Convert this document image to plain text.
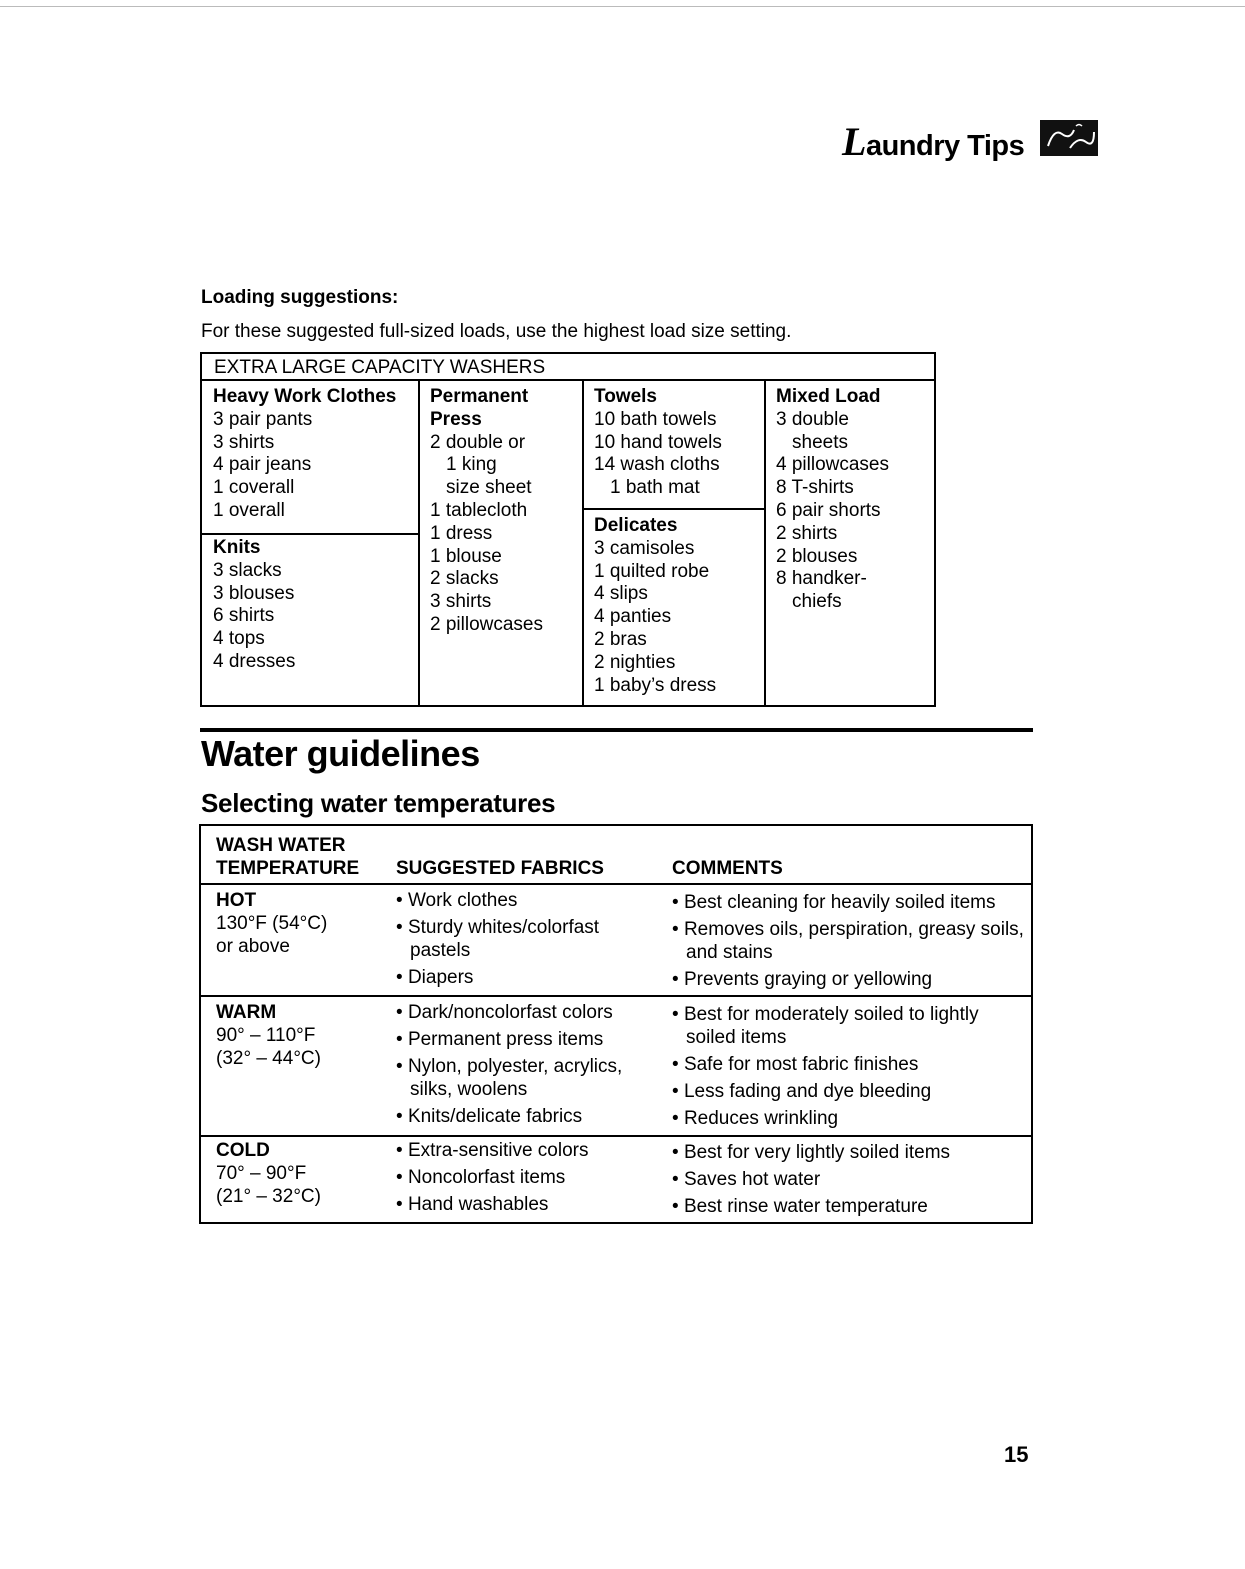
Laundry Tips
Loading suggestions:
For these suggested full-sized loads, use the highest load size setting.
EXTRA LARGE CAPACITY WASHERS
Heavy Work Clothes
3 pair pants
3 shirts
4 pair jeans
1 coverall
1 overall
Knits
3 slacks
3 blouses
6 shirts
4 tops
4 dresses
Permanent
Press
2 double or
1 king
size sheet
1 tablecloth
1 dress
1 blouse
2 slacks
3 shirts
2 pillowcases
Towels
10 bath towels
10 hand towels
14 wash cloths
1 bath mat
Delicates
3 camisoles
1 quilted robe
4 slips
4 panties
2 bras
2 nighties
1 baby’s dress
Mixed Load
3 double
sheets
4 pillowcases
8 T-shirts
6 pair shorts
2 shirts
2 blouses
8 handker-
chiefs
Water guidelines
Selecting water temperatures
WASH WATER
TEMPERATURE SUGGESTED FABRICS	COMMENTS
HOT
130°F (54°C)
or above
• Work clothes
• Sturdy whites/colorfast pastels
• Diapers
• Best cleaning for heavily soiled items
• Removes oils, perspiration, greasy soils, and stains
• Prevents graying or yellowing
WARM
90° – 110°F
(32° – 44°C)
• Dark/noncolorfast colors
• Permanent press items
• Nylon, polyester, acrylics, silks, woolens
• Knits/delicate fabrics
• Best for moderately soiled to lightly soiled items
• Safe for most fabric finishes
• Less fading and dye bleeding
• Reduces wrinkling
COLD
70° – 90°F
(21° – 32°C)
• Extra-sensitive colors
• Noncolorfast items
• Hand washables
• Best for very lightly soiled items
• Saves hot water
• Best rinse water temperature
15
